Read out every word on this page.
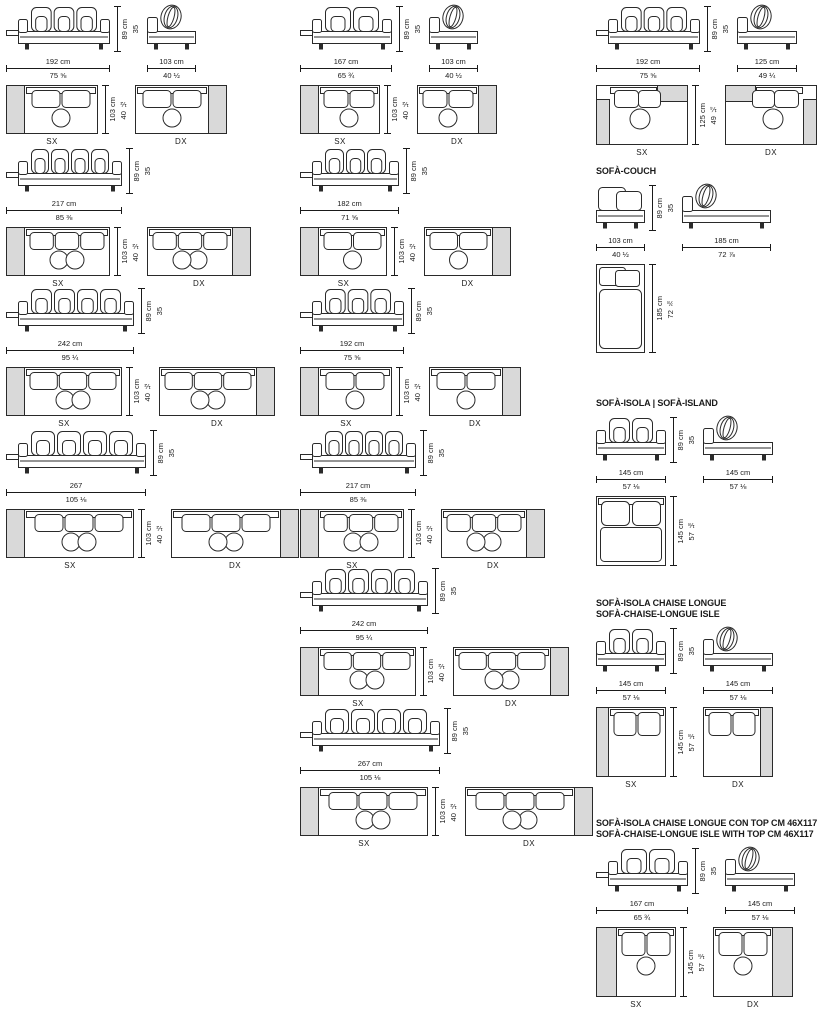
192 cm
75 ⅝
89 cm 35
103 cm
40 ½
SX
103 cm 40 ½
DX
217 cm
85 ⅜
89 cm 35
SX
103 cm 40 ½
DX
242 cm
95 ¼
89 cm 35
SX
103 cm 40 ½
DX
267
105 ⅛
89 cm 35
SX
103 cm 40 ½
DX
167 cm
65 ¾
89 cm 35
103 cm
40 ½
SX
103 cm 40 ½
DX
182 cm
71 ⅝
89 cm 35
SX
103 cm 40 ½
DX
192 cm
75 ⅝
89 cm 35
SX
103 cm 40 ½
DX
217 cm
85 ⅜
89 cm 35
SX
103 cm 40 ½
DX
242 cm
95 ¼
89 cm 35
SX
103 cm 40 ½
DX
267 cm
105 ⅛
89 cm 35
SX
103 cm 40 ½
DX
192 cm
75 ⅝
89 cm 35
125 cm
49 ¼
SX
125 cm 49 ¼
DX
SOFÀ-COUCH
103 cm
40 ½
89 cm 35
185 cm
72 ⅞
185 cm 72 ⅞
SOFÀ-ISOLA | SOFÀ-ISLAND
145 cm
57 ⅛
89 cm 35
145 cm
57 ⅛
145 cm 57 ⅛
SOFÀ-ISOLA CHAISE LONGUE
SOFÀ-CHAISE-LONGUE ISLE
145 cm
57 ⅛
89 cm 35
145 cm
57 ⅛
SX
145 cm 57 ⅛
DX
SOFÀ-ISOLA CHAISE LONGUE CON TOP CM 46X117
SOFÀ-CHAISE-LONGUE ISLE WITH TOP CM 46X117
167 cm
65 ¾
89 cm 35
145 cm
57 ⅛
SX
145 cm 57 ⅛
DX
